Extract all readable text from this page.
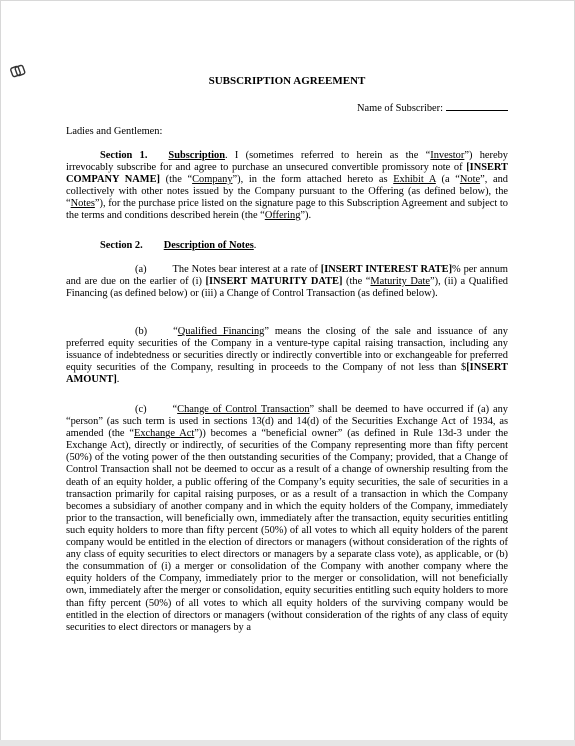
SUBSCRIPTION AGREEMENT
Name of Subscriber:
Ladies and Gentlemen:
Section 1. Subscription. I (sometimes referred to herein as the “Investor”) hereby irrevocably subscribe for and agree to purchase an unsecured convertible promissory note of [INSERT COMPANY NAME] (the “Company”), in the form attached hereto as Exhibit A (a “Note”, and collectively with other notes issued by the Company pursuant to the Offering (as defined below), the “Notes”), for the purchase price listed on the signature page to this Subscription Agreement and subject to the terms and conditions described herein (the “Offering”).
Section 2. Description of Notes.
(a)	The Notes bear interest at a rate of [INSERT INTEREST RATE]% per annum and are due on the earlier of (i) [INSERT MATURITY DATE] (the “Maturity Date”), (ii) a Qualified Financing (as defined below) or (iii) a Change of Control Transaction (as defined below).
(b)	“Qualified Financing” means the closing of the sale and issuance of any preferred equity securities of the Company in a venture-type capital raising transaction, including any issuance of indebtedness or securities directly or indirectly convertible into or exchangeable for preferred equity securities of the Company, resulting in proceeds to the Company of not less than $[INSERT AMOUNT].
(c)	“Change of Control Transaction” shall be deemed to have occurred if (a) any “person” (as such term is used in sections 13(d) and 14(d) of the Securities Exchange Act of 1934, as amended (the “Exchange Act”)) becomes a “beneficial owner” (as defined in Rule 13d-3 under the Exchange Act), directly or indirectly, of securities of the Company representing more than fifty percent (50%) of the voting power of the then outstanding securities of the Company; provided, that a Change of Control Transaction shall not be deemed to occur as a result of a change of ownership resulting from the death of an equity holder, a public offering of the Company’s equity securities, the sale of securities in a transaction primarily for capital raising purposes, or as a result of a transaction in which the Company becomes a subsidiary of another company and in which the equity holders of the Company, immediately prior to the transaction, will beneficially own, immediately after the transaction, equity securities entitling such equity holders to more than fifty percent (50%) of all votes to which all equity holders of the parent company would be entitled in the election of directors or managers (without consideration of the rights of any class of equity securities to elect directors or managers by a separate class vote), as applicable, or (b) the consummation of (i) a merger or consolidation of the Company with another company where the equity holders of the Company, immediately prior to the merger or consolidation, will not beneficially own, immediately after the merger or consolidation, equity securities entitling such equity holders to more than fifty percent (50%) of all votes to which all equity holders of the surviving company would be entitled in the election of directors or managers (without consideration of the rights of any class of equity securities to elect directors or managers by a
